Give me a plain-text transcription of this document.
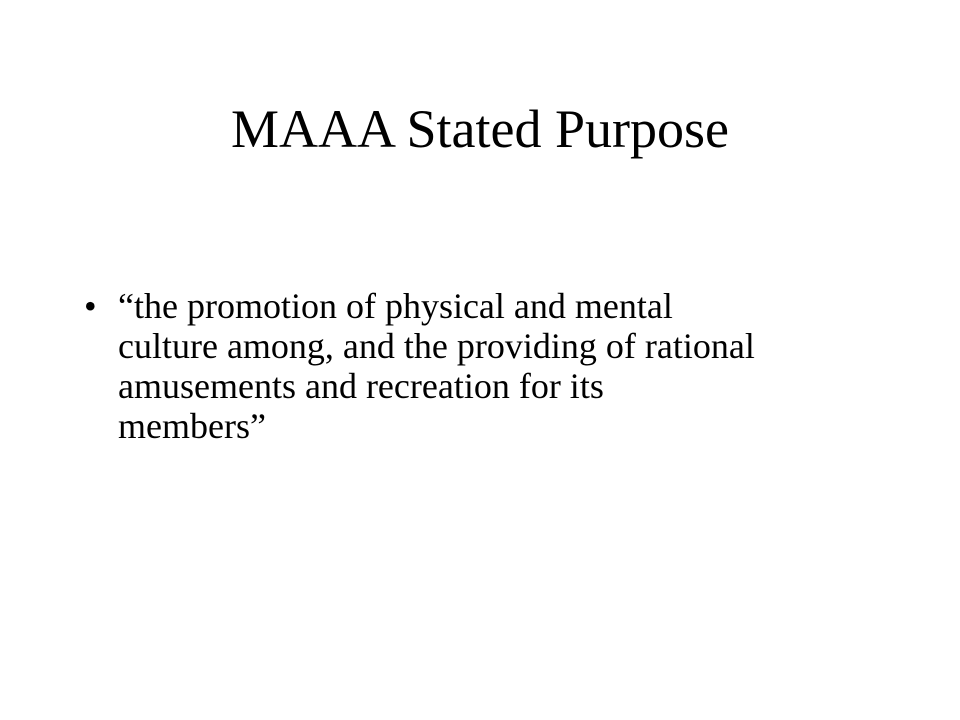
MAAA Stated Purpose
• “the promotion of physical and mental
culture among, and the providing of rational
amusements and recreation for its
members”
